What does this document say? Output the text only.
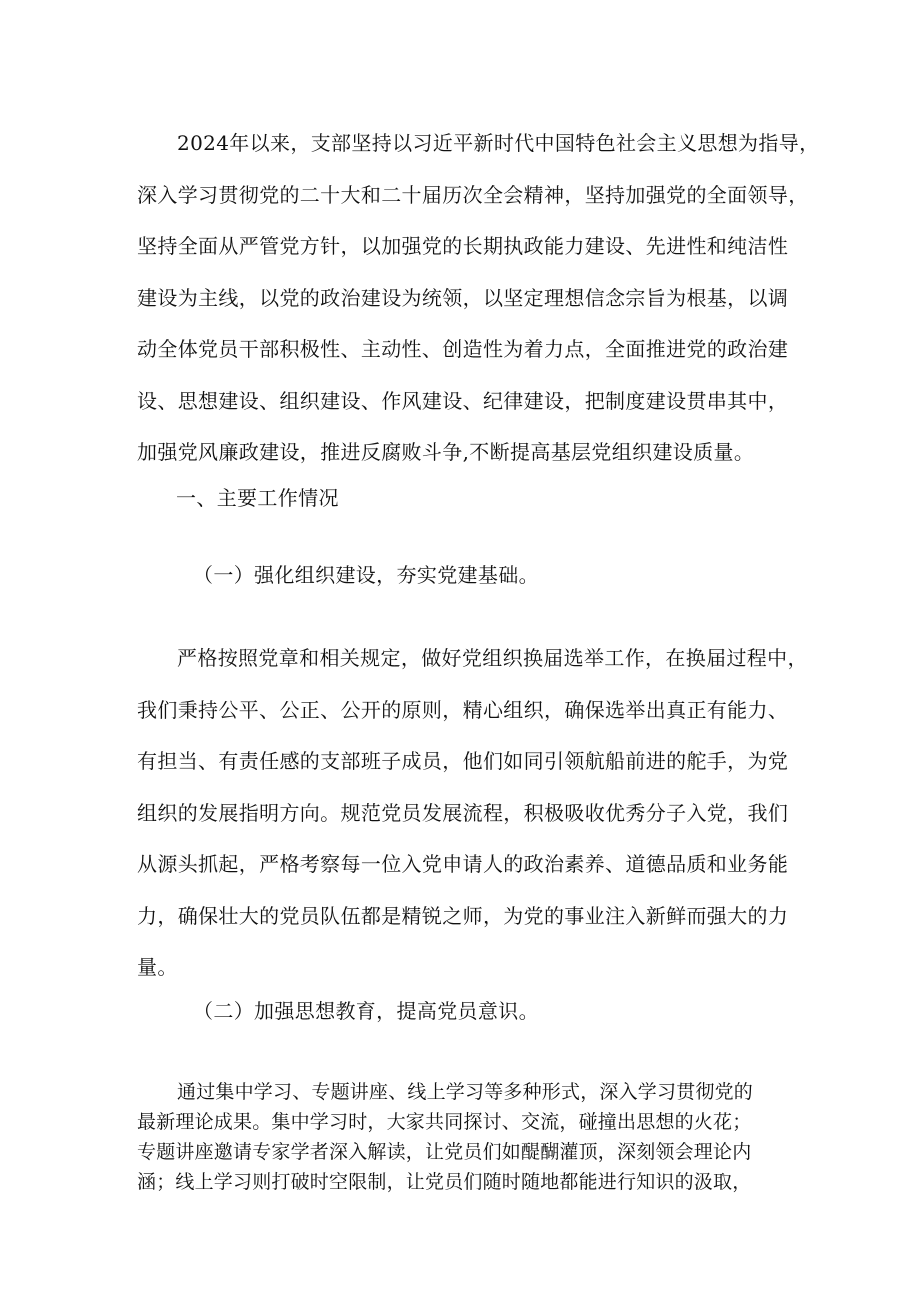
2024年以来，支部坚持以习近平新时代中国特色社会主义思想为指导，
深入学习贯彻党的二十大和二十届历次全会精神，坚持加强党的全面领导，
坚持全面从严管党方针，以加强党的长期执政能力建设、先进性和纯洁性
建设为主线，以党的政治建设为统领，以坚定理想信念宗旨为根基，以调
动全体党员干部积极性、主动性、创造性为着力点，全面推进党的政治建
设、思想建设、组织建设、作风建设、纪律建设，把制度建设贯串其中，
加强党风廉政建设，推进反腐败斗争,不断提高基层党组织建设质量。

一、主要工作情况

（一）强化组织建设，夯实党建基础。

严格按照党章和相关规定，做好党组织换届选举工作，在换届过程中，
我们秉持公平、公正、公开的原则，精心组织，确保选举出真正有能力、
有担当、有责任感的支部班子成员，他们如同引领航船前进的舵手，为党
组织的发展指明方向。规范党员发展流程，积极吸收优秀分子入党，我们
从源头抓起，严格考察每一位入党申请人的政治素养、道德品质和业务能
力，确保壮大的党员队伍都是精锐之师，为党的事业注入新鲜而强大的力
量。

（二）加强思想教育，提高党员意识。

通过集中学习、专题讲座、线上学习等多种形式，深入学习贯彻党的
最新理论成果。集中学习时，大家共同探讨、交流，碰撞出思想的火花；
专题讲座邀请专家学者深入解读，让党员们如醍醐灌顶，深刻领会理论内
涵；线上学习则打破时空限制，让党员们随时随地都能进行知识的汲取，
